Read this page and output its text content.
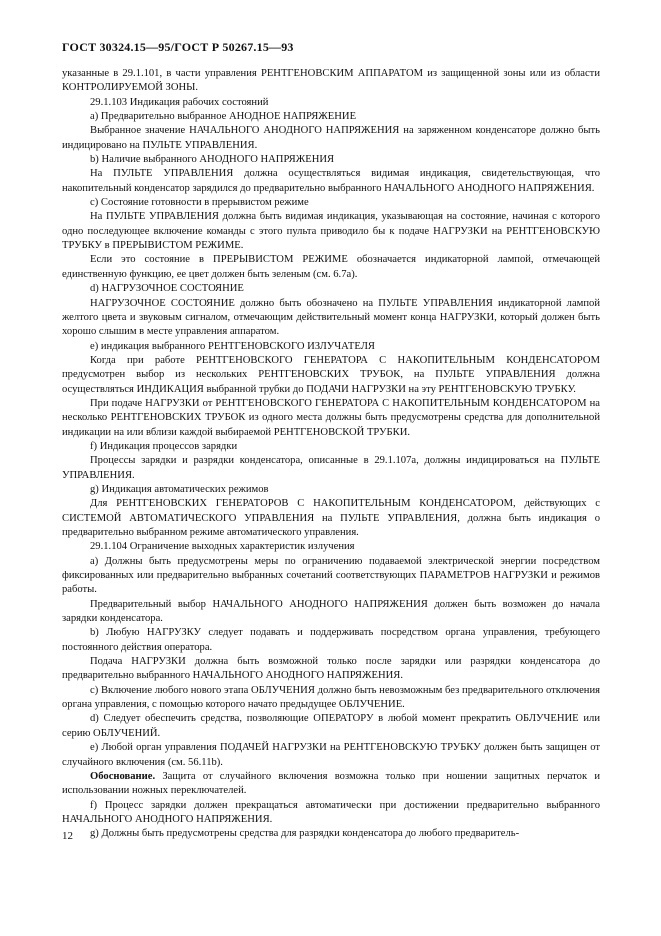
ГОСТ 30324.15—95/ГОСТ Р 50267.15—93

указанные в 29.1.101, в части управления РЕНТГЕНОВСКИМ АППАРАТОМ из защищенной зоны или из области КОНТРОЛИРУЕМОЙ ЗОНЫ.

29.1.103 Индикация рабочих состояний

a) Предварительно выбранное АНОДНОЕ НАПРЯЖЕНИЕ

Выбранное значение НАЧАЛЬНОГО АНОДНОГО НАПРЯЖЕНИЯ на заряженном конденсаторе должно быть индицировано на ПУЛЬТЕ УПРАВЛЕНИЯ.

b) Наличие выбранного АНОДНОГО НАПРЯЖЕНИЯ

На ПУЛЬТЕ УПРАВЛЕНИЯ должна осуществляться видимая индикация, свидетельствующая, что накопительный конденсатор зарядился до предварительно выбранного НАЧАЛЬНОГО АНОДНОГО НАПРЯЖЕНИЯ.

c) Состояние готовности в прерывистом режиме

На ПУЛЬТЕ УПРАВЛЕНИЯ должна быть видимая индикация, указывающая на состояние, начиная с которого одно последующее включение команды с этого пульта приводило бы к подаче НАГРУЗКИ на РЕНТГЕНОВСКУЮ ТРУБКУ в ПРЕРЫВИСТОМ РЕЖИМЕ.

Если это состояние в ПРЕРЫВИСТОМ РЕЖИМЕ обозначается индикаторной лампой, отмечающей единственную функцию, ее цвет должен быть зеленым (см. 6.7а).

d) НАГРУЗОЧНОЕ СОСТОЯНИЕ

НАГРУЗОЧНОЕ СОСТОЯНИЕ должно быть обозначено на ПУЛЬТЕ УПРАВЛЕНИЯ индикаторной лампой желтого цвета и звуковым сигналом, отмечающим действительный момент конца НАГРУЗКИ, который должен быть хорошо слышим в месте управления аппаратом.

e) индикация выбранного РЕНТГЕНОВСКОГО ИЗЛУЧАТЕЛЯ

Когда при работе РЕНТГЕНОВСКОГО ГЕНЕРАТОРА С НАКОПИТЕЛЬНЫМ КОНДЕНСАТОРОМ предусмотрен выбор из нескольких РЕНТГЕНОВСКИХ ТРУБОК, на ПУЛЬТЕ УПРАВЛЕНИЯ должна осуществляться ИНДИКАЦИЯ выбранной трубки до ПОДАЧИ НАГРУЗКИ на эту РЕНТГЕНОВСКУЮ ТРУБКУ.

При подаче НАГРУЗКИ от РЕНТГЕНОВСКОГО ГЕНЕРАТОРА С НАКОПИТЕЛЬНЫМ КОНДЕНСАТОРОМ на несколько РЕНТГЕНОВСКИХ ТРУБОК из одного места должны быть предусмотрены средства для дополнительной индикации на или вблизи каждой выбираемой РЕНТГЕНОВСКОЙ ТРУБКИ.

f) Индикация процессов зарядки

Процессы зарядки и разрядки конденсатора, описанные в 29.1.107а, должны индицироваться на ПУЛЬТЕ УПРАВЛЕНИЯ.

g) Индикация автоматических режимов

Для РЕНТГЕНОВСКИХ ГЕНЕРАТОРОВ С НАКОПИТЕЛЬНЫМ КОНДЕНСАТОРОМ, действующих с СИСТЕМОЙ АВТОМАТИЧЕСКОГО УПРАВЛЕНИЯ на ПУЛЬТЕ УПРАВЛЕНИЯ, должна быть индикация о предварительно выбранном режиме автоматического управления.

29.1.104 Ограничение выходных характеристик излучения

a) Должны быть предусмотрены меры по ограничению подаваемой электрической энергии посредством фиксированных или предварительно выбранных сочетаний соответствующих ПАРАМЕТРОВ НАГРУЗКИ и режимов работы.

Предварительный выбор НАЧАЛЬНОГО АНОДНОГО НАПРЯЖЕНИЯ должен быть возможен до начала зарядки конденсатора.

b) Любую НАГРУЗКУ следует подавать и поддерживать посредством органа управления, требующего постоянного действия оператора.

Подача НАГРУЗКИ должна быть возможной только после зарядки или разрядки конденсатора до предварительно выбранного НАЧАЛЬНОГО АНОДНОГО НАПРЯЖЕНИЯ.

c) Включение любого нового этапа ОБЛУЧЕНИЯ должно быть невозможным без предварительного отключения органа управления, с помощью которого начато предыдущее ОБЛУЧЕНИЕ.

d) Следует обеспечить средства, позволяющие ОПЕРАТОРУ в любой момент прекратить ОБЛУЧЕНИЕ или серию ОБЛУЧЕНИЙ.

e) Любой орган управления ПОДАЧЕЙ НАГРУЗКИ на РЕНТГЕНОВСКУЮ ТРУБКУ должен быть защищен от случайного включения (см. 56.11b).

Обоснование. Защита от случайного включения возможна только при ношении защитных перчаток и использовании ножных переключателей.

f) Процесс зарядки должен прекращаться автоматически при достижении предварительно выбранного НАЧАЛЬНОГО АНОДНОГО НАПРЯЖЕНИЯ.

g) Должны быть предусмотрены средства для разрядки конденсатора до любого предваритель-

12
